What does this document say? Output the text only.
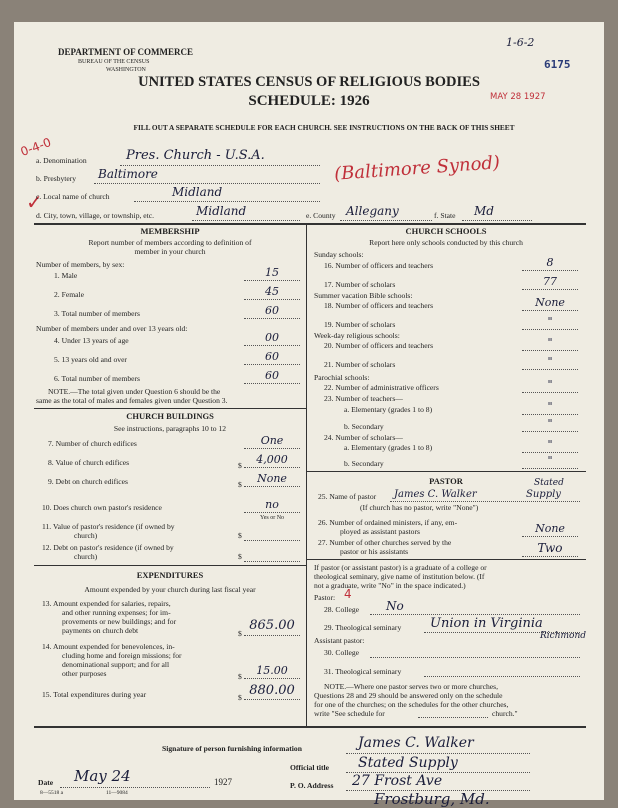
DEPARTMENT OF COMMERCE
BUREAU OF THE CENSUS
WASHINGTON
UNITED STATES CENSUS OF RELIGIOUS BODIES
SCHEDULE: 1926
FILL OUT A SEPARATE SCHEDULE FOR EACH CHURCH. SEE INSTRUCTIONS ON THE BACK OF THIS SHEET
1-6-2
6175
MAY 28 1927
0-4-0
✓
a. Denomination	Pres. Church - U.S.A.
b. Presbytery Baltimore	(Baltimore Synod)
c. Local name of church	Midland
d. City, town, village, or township, etc.	Midland	e. County Allegany	f. State Md
MEMBERSHIP
Report number of members according to definition of
member in your church
Number of members, by sex:
1. Male	15
2. Female	45
3. Total number of members	60
Number of members under and over 13 years old:
4. Under 13 years of age	00
5. 13 years old and over	60
6. Total number of members	60
NOTE.—The total given under Question 6 should be the
same as the total of males and females given under Question 3.
CHURCH BUILDINGS
See instructions, paragraphs 10 to 12
7. Number of church edifices	One
8. Value of church edifices	$	4,000
9. Debt on church edifices	$	None
10. Does church own pastor's residence	no
Yes or No
11. Value of pastor's residence (if owned by
church)	$
12. Debt on pastor's residence (if owned by
church)	$
EXPENDITURES
Amount expended by your church during last fiscal year
13. Amount expended for salaries, repairs,
and other running expenses; for im-
provements or new buildings; and for
payments on church debt	$
865.00
14. Amount expended for benevolences, in-
cluding home and foreign missions; for
denominational support; and for all
other purposes	$	15.00
15. Total expenditures during year	$ 880.00
CHURCH SCHOOLS
Report here only schools conducted by this church
Sunday schools:
16. Number of officers and teachers	8
17. Number of scholars	77
Summer vacation Bible schools:
18. Number of officers and teachers	None
19. Number of scholars	"
Week-day religious schools:
20. Number of officers and teachers	"
21. Number of scholars	"
Parochial schools:
22. Number of administrative officers	"
23. Number of teachers—
a. Elementary (grades 1 to 8)	"
b. Secondary	"
24. Number of scholars—
a. Elementary (grades 1 to 8)	"
b. Secondary	"
PASTOR
25. Name of pastor James C. Walker	Supply
Stated
(If church has no pastor, write "None")
26. Number of ordained ministers, if any, em-
ployed as assistant pastors	None
27. Number of other churches served by the
pastor or his assistants	Two
If pastor (or assistant pastor) is a graduate of a college or
theological seminary, give name of institution below. (If
not a graduate, write "No" in the space indicated.)
Pastor: 4
28. College No
29. Theological seminary Union in Virginia
Richmond
Assistant pastor:
30. College
31. Theological seminary
NOTE.—Where one pastor serves two or more churches,
Questions 28 and 29 should be answered only on the schedule
for one of the churches; on the schedules for the other churches,
write "See schedule for	church."
Signature of person furnishing information	James C. Walker
Official title Stated Supply
Date May 24	1927
8—5518 a	11—9084
P. O. Address 27 Frost Ave
Frostburg, Md.
